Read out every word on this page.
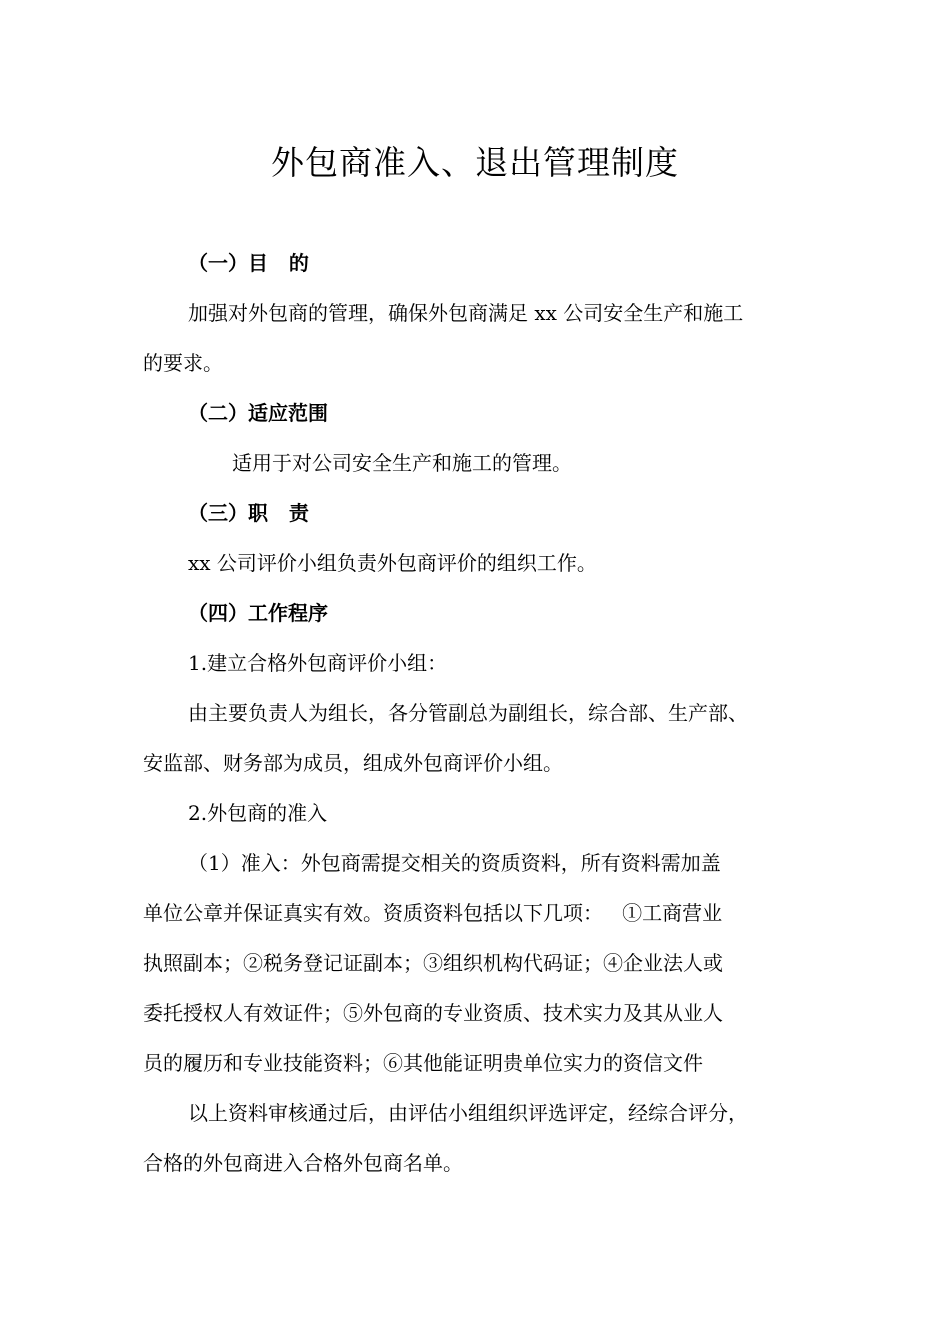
外包商准入、退出管理制度
（一）目   的
加强对外包商的管理，确保外包商满足 xx 公司安全生产和施工
的要求。
（二）适应范围
适用于对公司安全生产和施工的管理。
（三）职   责
xx 公司评价小组负责外包商评价的组织工作。
（四）工作程序
1.建立合格外包商评价小组：
由主要负责人为组长，各分管副总为副组长，综合部、生产部、
安监部、财务部为成员，组成外包商评价小组。
2.外包商的准入
（1）准入：外包商需提交相关的资质资料，所有资料需加盖
单位公章并保证真实有效。资质资料包括以下几项：   ①工商营业
执照副本；②税务登记证副本；③组织机构代码证；④企业法人或
委托授权人有效证件；⑤外包商的专业资质、技术实力及其从业人
员的履历和专业技能资料；⑥其他能证明贵单位实力的资信文件
以上资料审核通过后，由评估小组组织评选评定，经综合评分，
合格的外包商进入合格外包商名单。
